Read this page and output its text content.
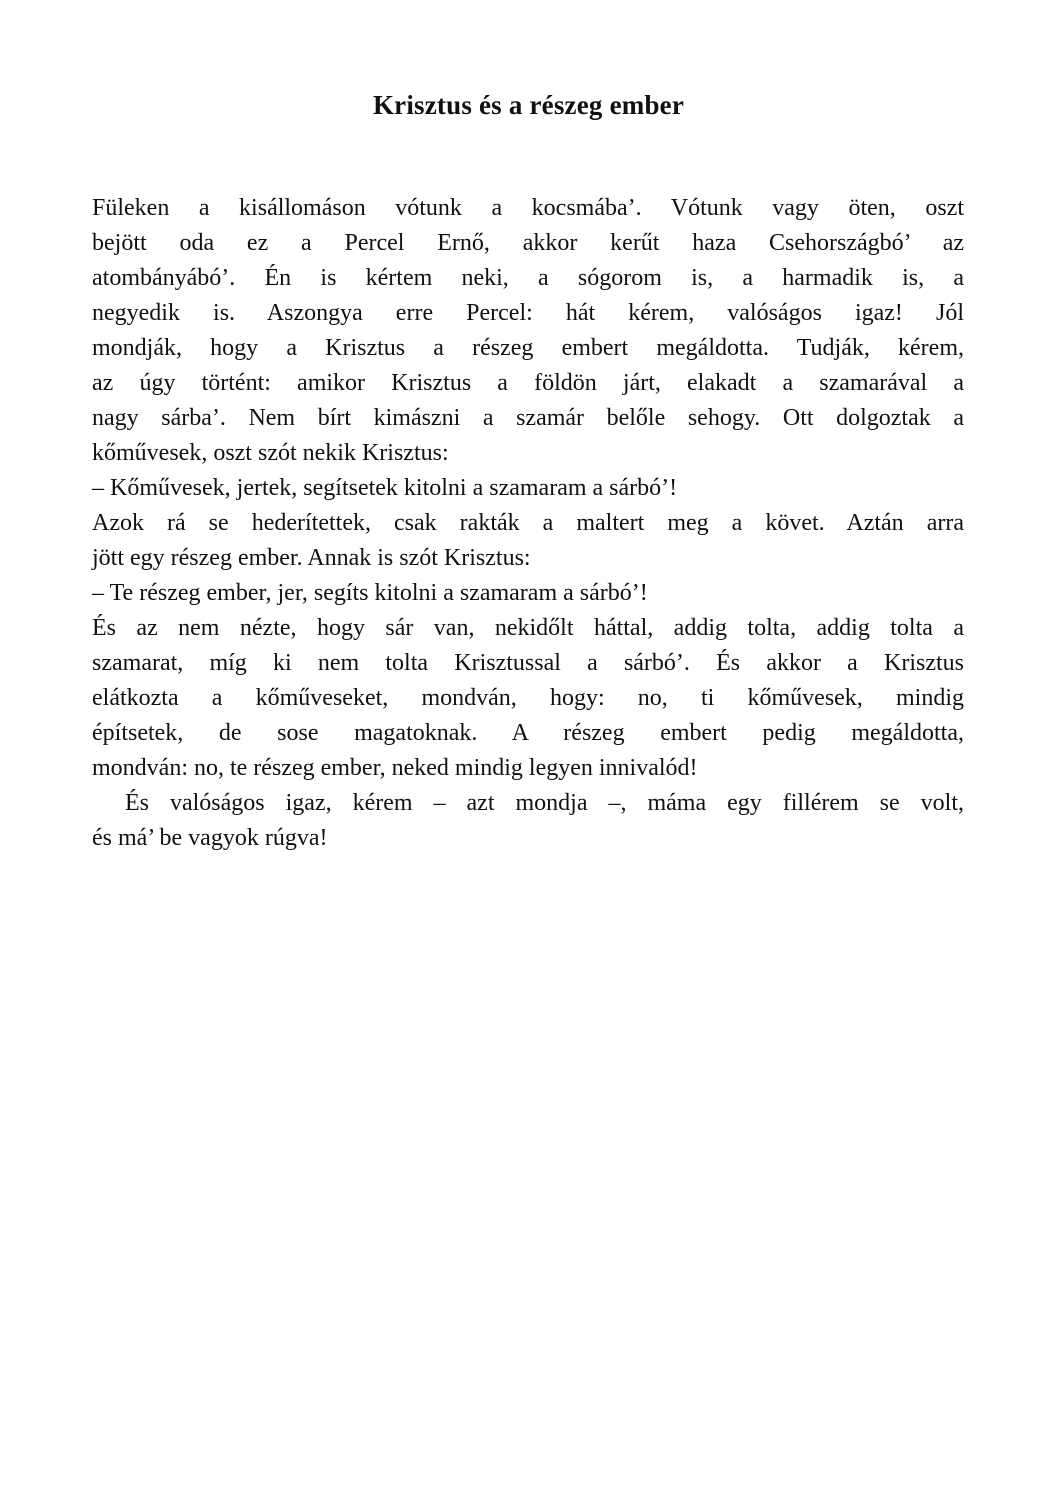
Krisztus és a részeg ember
Füleken a kisállomáson vótunk a kocsmába’. Vótunk vagy öten, oszt
bejött oda ez a Percel Ernő, akkor kerűt haza Csehországbó’ az
atombányábó’. Én is kértem neki, a sógorom is, a harmadik is, a
negyedik is. Aszongya erre Percel: hát kérem, valóságos igaz! Jól
mondják, hogy a Krisztus a részeg embert megáldotta. Tudják, kérem,
az úgy történt: amikor Krisztus a földön járt, elakadt a szamarával a
nagy sárba’. Nem bírt kimászni a szamár belőle sehogy. Ott dolgoztak a
kőművesek, oszt szót nekik Krisztus:
– Kőművesek, jertek, segítsetek kitolni a szamaram a sárbó’!
Azok rá se hederítettek, csak rakták a maltert meg a követ. Aztán arra
jött egy részeg ember. Annak is szót Krisztus:
– Te részeg ember, jer, segíts kitolni a szamaram a sárbó’!
És az nem nézte, hogy sár van, nekidőlt háttal, addig tolta, addig tolta a
szamarat, míg ki nem tolta Krisztussal a sárbó’. És akkor a Krisztus
elátkozta a kőműveseket, mondván, hogy: no, ti kőművesek, mindig
építsetek, de sose magatoknak. A részeg embert pedig megáldotta,
mondván: no, te részeg ember, neked mindig legyen innivalód!
És valóságos igaz, kérem – azt mondja –, máma egy fillérem se volt,
és má’ be vagyok rúgva!
